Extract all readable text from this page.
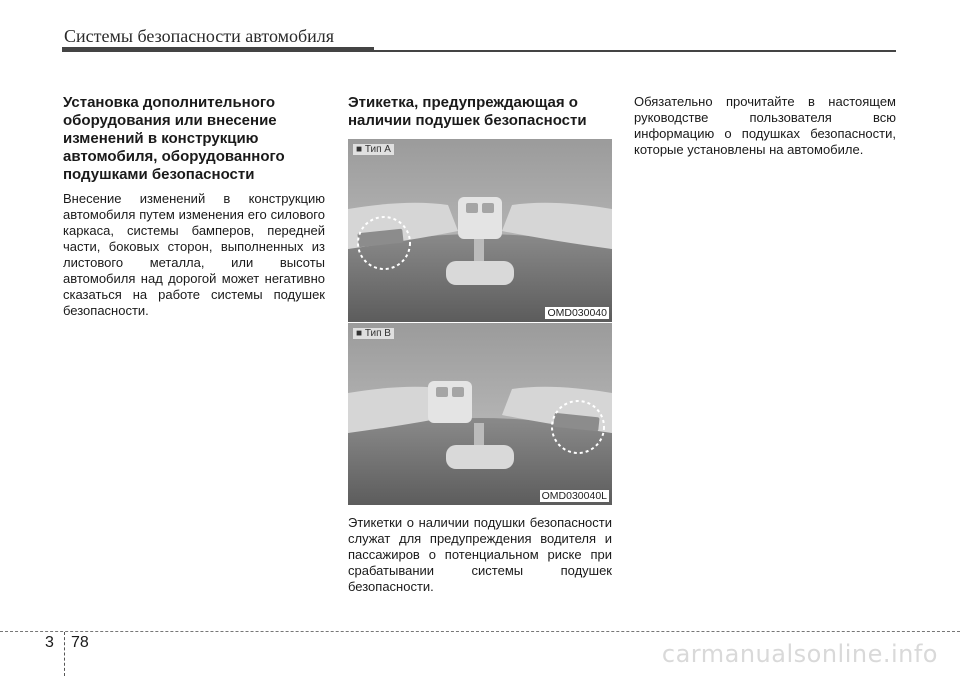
Системы безопасности автомобиля
Установка дополнительного оборудования или внесение изменений в конструкцию автомобиля, оборудованного подушками безопасности

Внесение изменений в конструкцию автомобиля путем изменения его силового каркаса, системы бамперов, передней части, боковых сторон, выполненных из листового металла, или высоты автомобиля над дорогой может негативно сказаться на работе системы подушек безопасности.

Этикетка, предупреждающая о наличии подушек безопасности
■ Тип A
OMD030040
■ Тип B
OMD030040L

Этикетки о наличии подушки безопасности служат для предупреждения водителя и пассажиров о потенциальном риске при срабатывании системы подушек безопасности.

Обязательно прочитайте в настоящем руководстве пользователя всю информацию о подушках безопасности, которые установлены на автомобиле.

3 78	carmanualsonline.info
